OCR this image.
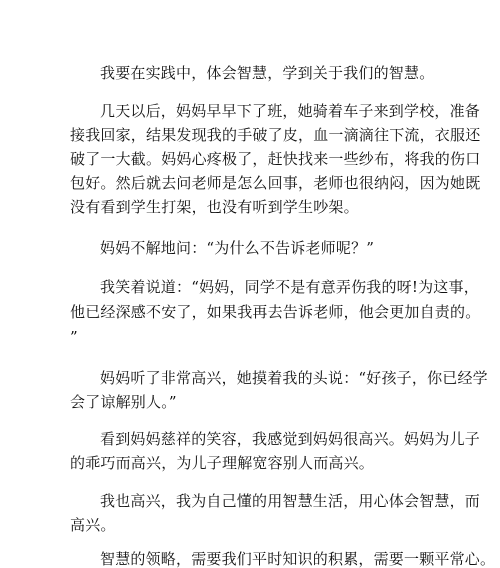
我要在实践中，体会智慧，学到关于我们的智慧。
几天以后，妈妈早早下了班，她骑着车子来到学校，准备
接我回家，结果发现我的手破了皮，血一滴滴往下流，衣服还
破了一大截。妈妈心疼极了，赶快找来一些纱布，将我的伤口
包好。然后就去问老师是怎么回事，老师也很纳闷，因为她既
没有看到学生打架，也没有听到学生吵架。
妈妈不解地问：“为什么不告诉老师呢？”
我笑着说道：“妈妈，同学不是有意弄伤我的呀!为这事，
他已经深感不安了，如果我再去告诉老师，他会更加自责的。
”
妈妈听了非常高兴，她摸着我的头说：“好孩子，你已经学
会了谅解别人。”
看到妈妈慈祥的笑容，我感觉到妈妈很高兴。妈妈为儿子
的乖巧而高兴，为儿子理解宽容别人而高兴。
我也高兴，我为自己懂的用智慧生活，用心体会智慧，而
高兴。
智慧的领略，需要我们平时知识的积累，需要一颗平常心。
